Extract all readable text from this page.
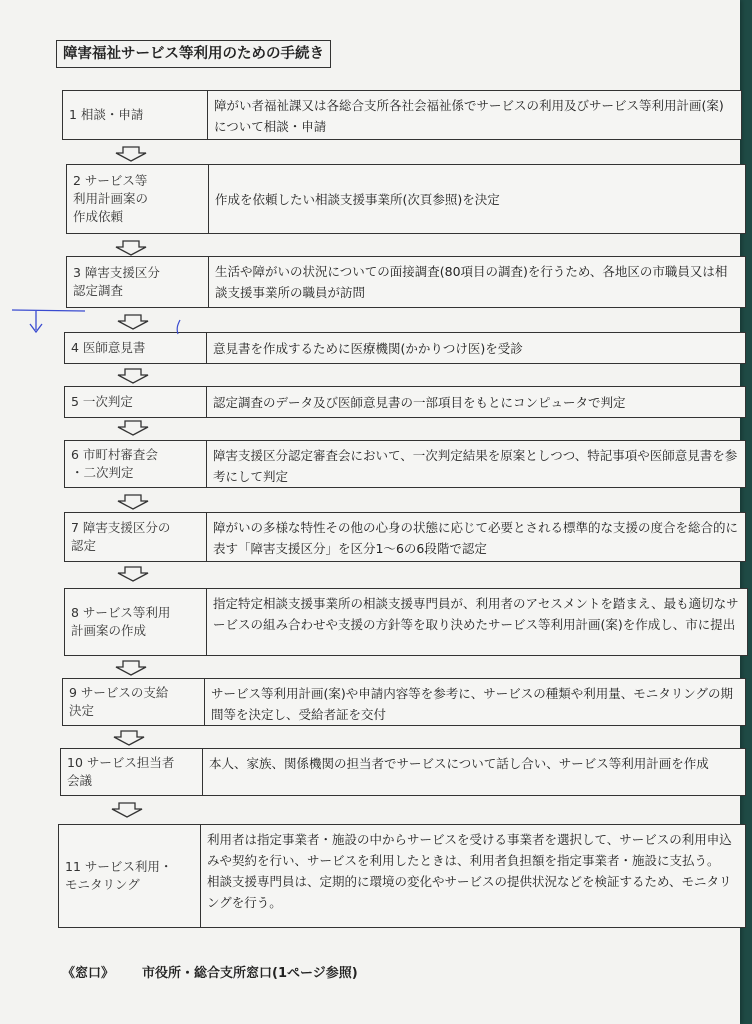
障害福祉サービス等利用のための手続き
1 相談・申請
障がい者福祉課又は各総合支所各社会福祉係でサービスの利用及びサービス等利用計画(案)について相談・申請
2 サービス等
利用計画案の
作成依頼
作成を依頼したい相談支援事業所(次頁参照)を決定
3 障害支援区分
認定調査
生活や障がいの状況についての面接調査(80項目の調査)を行うため、各地区の市職員又は相談支援事業所の職員が訪問
4 医師意見書	意見書を作成するために医療機関(かかりつけ医)を受診
5 一次判定	認定調査のデータ及び医師意見書の一部項目をもとにコンピュータで判定
6 市町村審査会
・二次判定
障害支援区分認定審査会において、一次判定結果を原案としつつ、特記事項や医師意見書を参考にして判定
7 障害支援区分の
認定
障がいの多様な特性その他の心身の状態に応じて必要とされる標準的な支援の度合を総合的に表す「障害支援区分」を区分1～6の6段階で認定
8 サービス等利用
計画案の作成
指定特定相談支援事業所の相談支援専門員が、利用者のアセスメントを踏まえ、最も適切なサービスの組み合わせや支援の方針等を取り決めたサービス等利用計画(案)を作成し、市に提出
9 サービスの支給
決定
サービス等利用計画(案)や申請内容等を参考に、サービスの種類や利用量、モニタリングの期間等を決定し、受給者証を交付
10 サービス担当者
会議
本人、家族、関係機関の担当者でサービスについて話し合い、サービス等利用計画を作成
11 サービス利用・
モニタリング
利用者は指定事業者・施設の中からサービスを受ける事業者を選択して、サービスの利用申込みや契約を行い、サービスを利用したときは、利用者負担額を指定事業者・施設に支払う。
相談支援専門員は、定期的に環境の変化やサービスの提供状況などを検証するため、モニタリングを行う。
《窓口》 市役所・総合支所窓口(1ページ参照)
